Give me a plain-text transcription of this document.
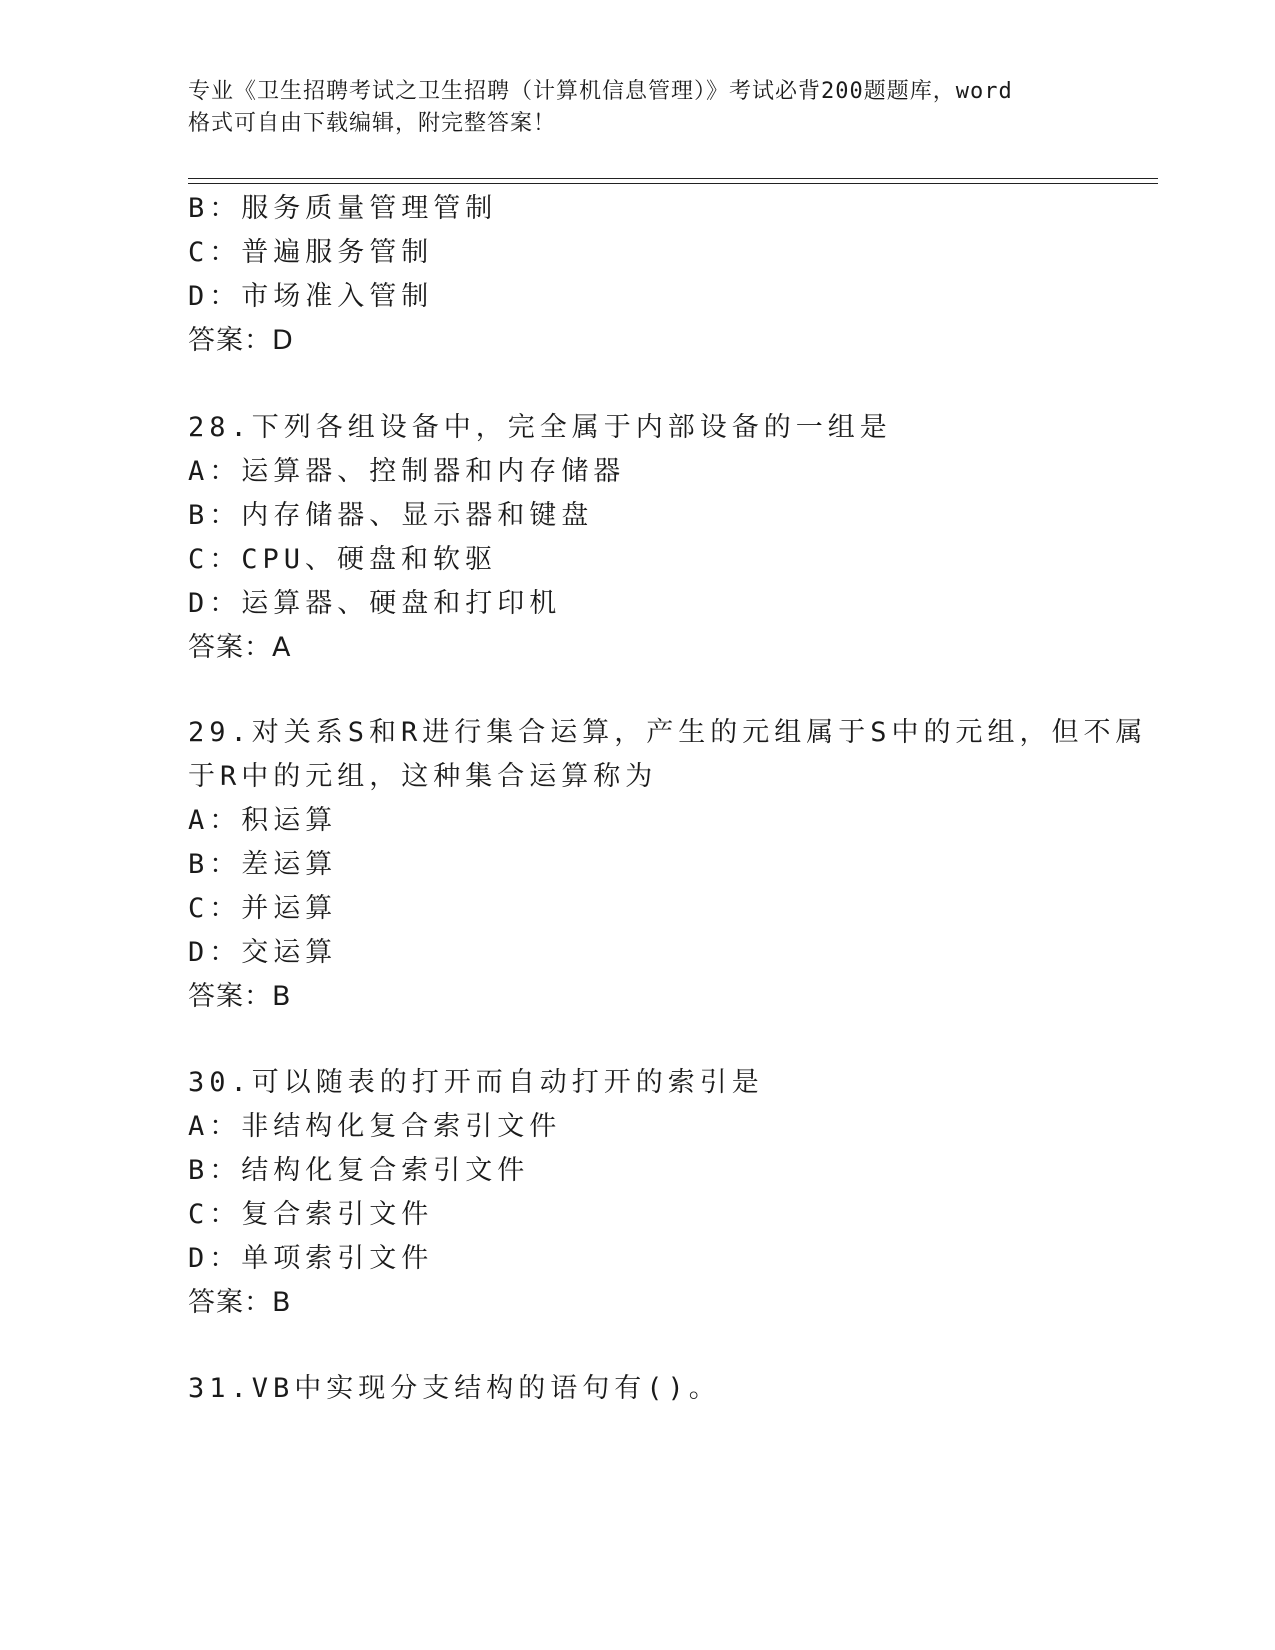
专业《卫生招聘考试之卫生招聘（计算机信息管理）》考试必背200题题库，word
格式可自由下载编辑，附完整答案！
B：服务质量管理管制
C：普遍服务管制
D：市场准入管制
答案：D
28.下列各组设备中，完全属于内部设备的一组是
A：运算器、控制器和内存储器
B：内存储器、显示器和键盘
C：CPU、硬盘和软驱
D：运算器、硬盘和打印机
答案：A
29.对关系S和R进行集合运算，产生的元组属于S中的元组，但不属
于R中的元组，这种集合运算称为
A：积运算
B：差运算
C：并运算
D：交运算
答案：B
30.可以随表的打开而自动打开的索引是
A：非结构化复合索引文件
B：结构化复合索引文件
C：复合索引文件
D：单项索引文件
答案：B
31.VB中实现分支结构的语句有()。
